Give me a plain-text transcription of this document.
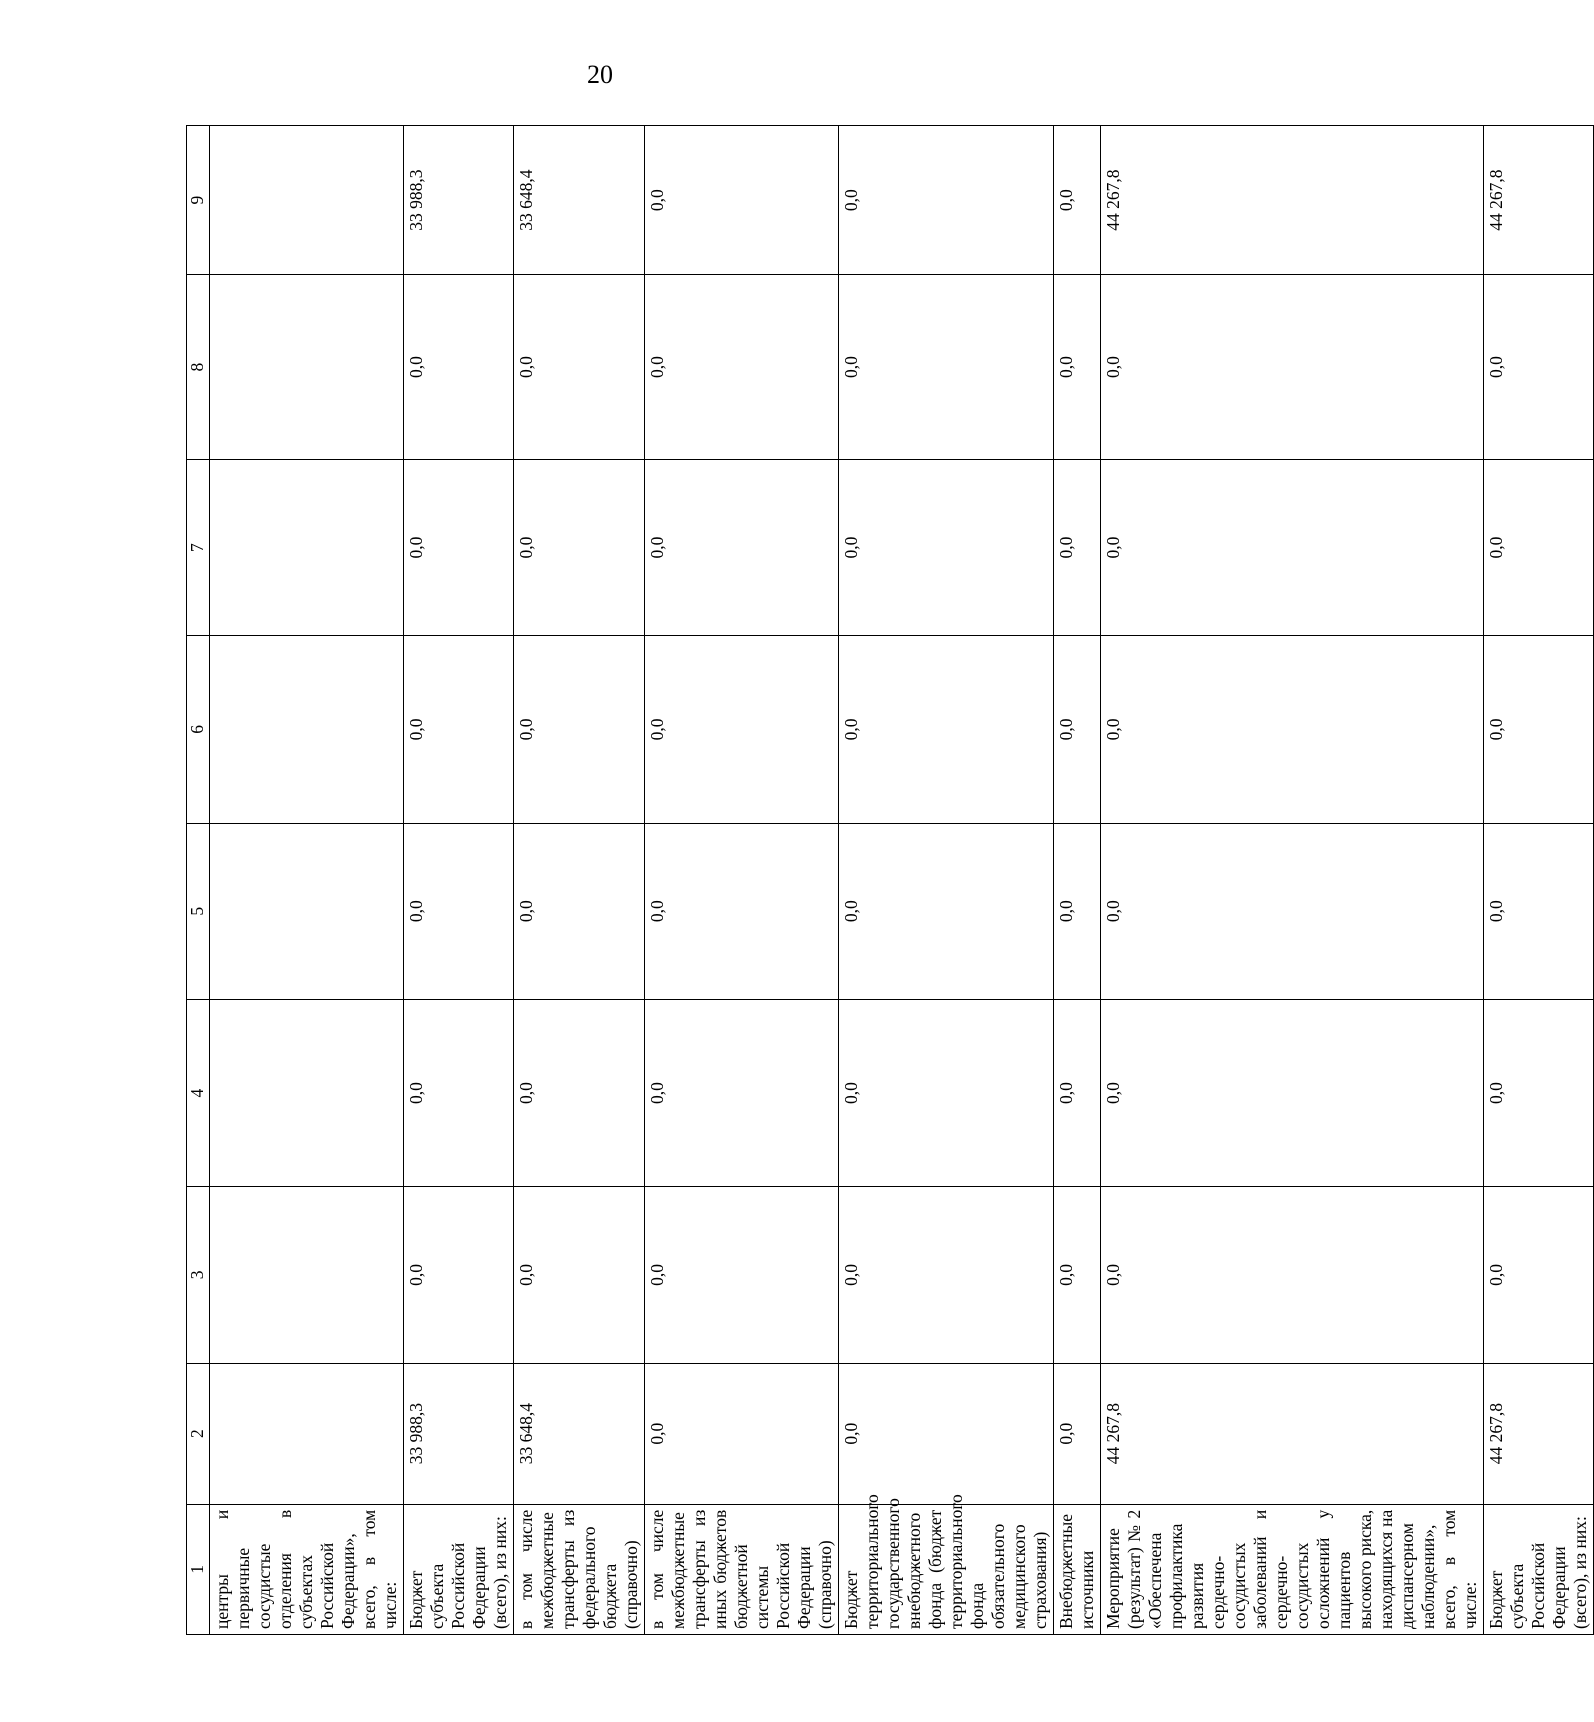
20
1	2	3	4	5	6	7	8	9
центры и первичные сосудистые отделения в субъектах Российской Федерации», всего, в том числе:								
Бюджет субъекта Российской Федерации (всего), из них:	33 988,3	0,0	0,0	0,0	0,0	0,0	0,0	33 988,3
в том числе межбюджетные трансферты из федерального бюджета (справочно)	33 648,4	0,0	0,0	0,0	0,0	0,0	0,0	33 648,4
в том числе межбюджетные трансферты из иных бюджетов бюджетной системы Российской Федерации (справочно)	0,0	0,0	0,0	0,0	0,0	0,0	0,0	0,0
Бюджет территориального государственного внебюджетного фонда (бюджет территориального фонда обязательного медицинского страхования)	0,0	0,0	0,0	0,0	0,0	0,0	0,0	0,0
Внебюджетные источники	0,0	0,0	0,0	0,0	0,0	0,0	0,0	0,0
Мероприятие (результат) № 2 «Обеспечена профилактика развития сердечно-сосудистых заболеваний и сердечно-сосудистых осложнений у пациентов высокого риска, находящихся на диспансерном наблюдении», всего, в том числе:	44 267,8	0,0	0,0	0,0	0,0	0,0	0,0	44 267,8
Бюджет субъекта Российской Федерации (всего), из них:	44 267,8	0,0	0,0	0,0	0,0	0,0	0,0	44 267,8
